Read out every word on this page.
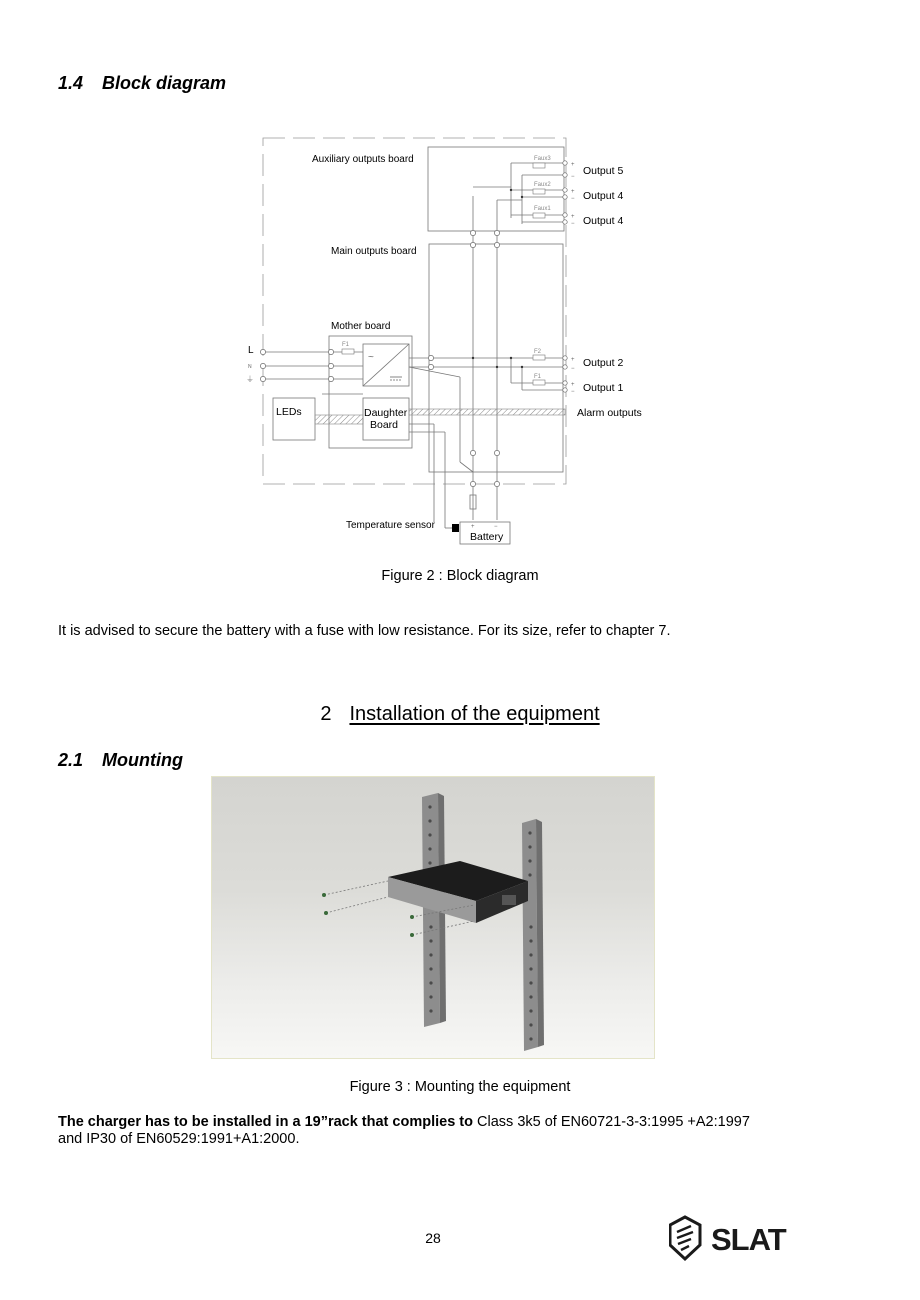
1.4 Block diagram
~
Auxiliary outputs board
Main outputs board
Mother board
LEDs	Daughter
Board
Temperature sensor
Battery
Output 5
Output 4
Output 4
Output 2
Output 1
Alarm outputs
Faux3
Faux2
Faux1
F1
F2
F1
L
N
⏚
+
−
+
−
+
−
+
−
+
−
+	−
Figure 2 : Block diagram
It is advised to secure the battery with a fuse with low resistance. For its size, refer to chapter 7.
2 Installation of the equipment
2.1 Mounting
Figure 3 : Mounting the equipment
The charger has to be installed in a 19”rack that complies to Class 3k5 of EN60721-3-3:1995 +A2:1997
and IP30 of EN60529:1991+A1:2000.
28	SLAT
